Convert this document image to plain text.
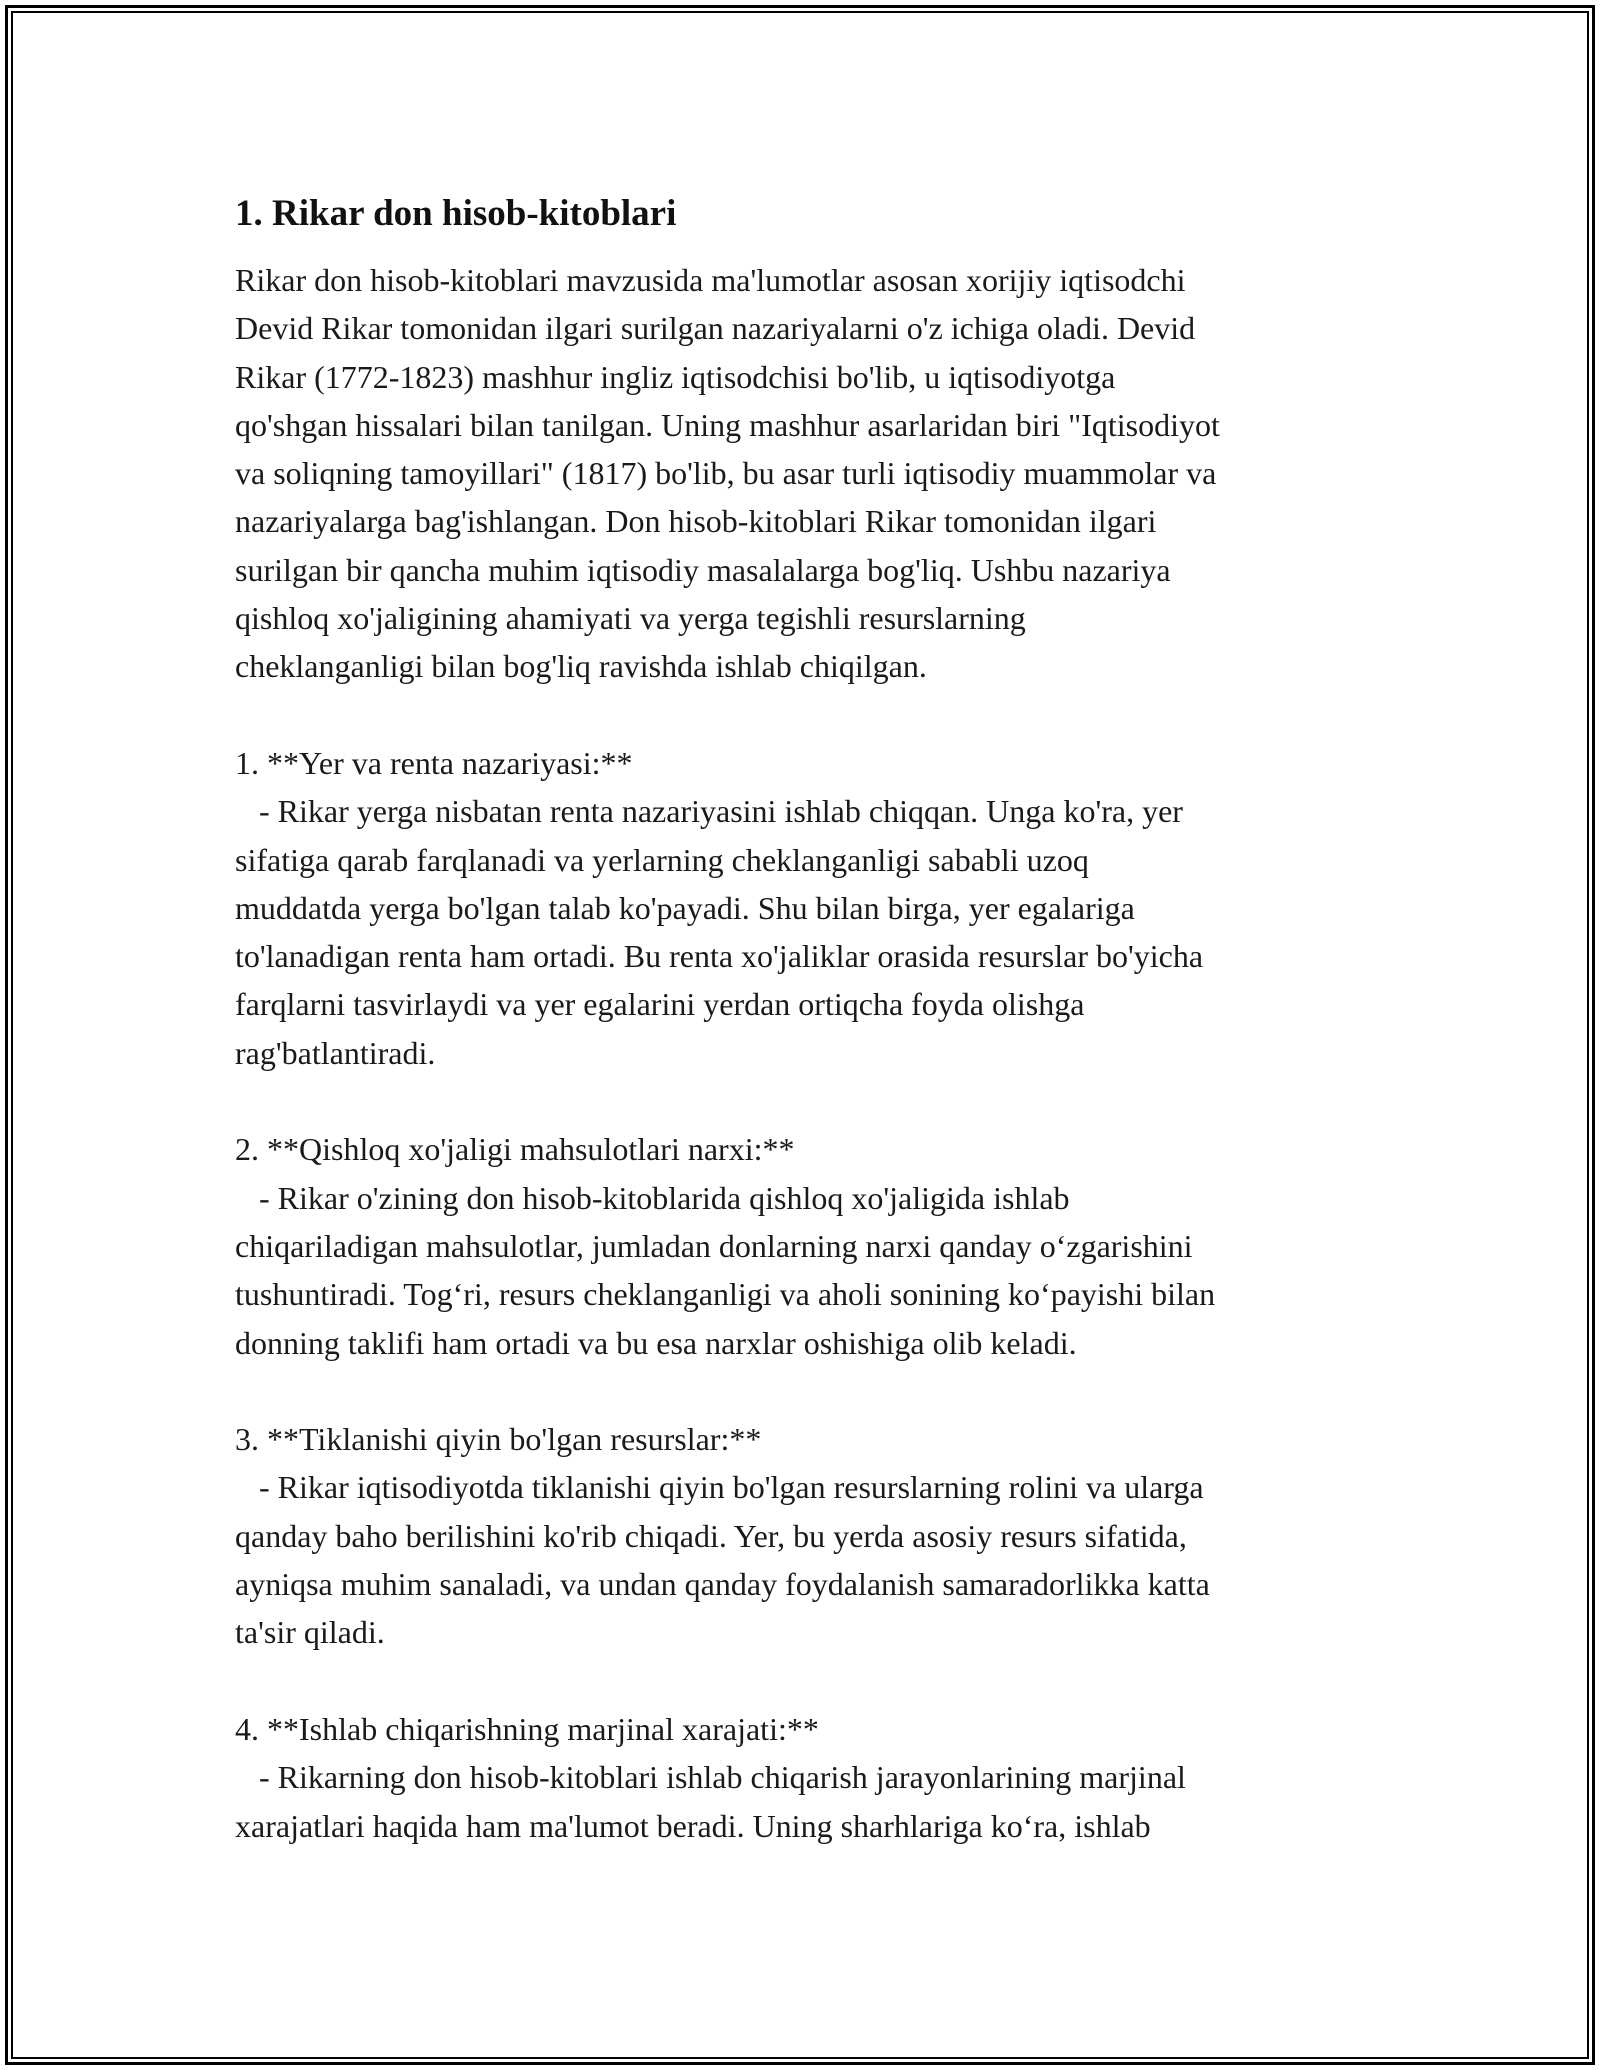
1. Rikar don hisob-kitoblari

Rikar don hisob-kitoblari mavzusida ma'lumotlar asosan xorijiy iqtisodchi
Devid Rikar tomonidan ilgari surilgan nazariyalarni o'z ichiga oladi. Devid
Rikar (1772-1823) mashhur ingliz iqtisodchisi bo'lib, u iqtisodiyotga
qo'shgan hissalari bilan tanilgan. Uning mashhur asarlaridan biri "Iqtisodiyot
va soliqning tamoyillari" (1817) bo'lib, bu asar turli iqtisodiy muammolar va
nazariyalarga bag'ishlangan. Don hisob-kitoblari Rikar tomonidan ilgari
surilgan bir qancha muhim iqtisodiy masalalarga bog'liq. Ushbu nazariya
qishloq xo'jaligining ahamiyati va yerga tegishli resurslarning
cheklanganligi bilan bog'liq ravishda ishlab chiqilgan.

1. **Yer va renta nazariyasi:**

- Rikar yerga nisbatan renta nazariyasini ishlab chiqqan. Unga ko'ra, yer
sifatiga qarab farqlanadi va yerlarning cheklanganligi sababli uzoq
muddatda yerga bo'lgan talab ko'payadi. Shu bilan birga, yer egalariga
to'lanadigan renta ham ortadi. Bu renta xo'jaliklar orasida resurslar bo'yicha
farqlarni tasvirlaydi va yer egalarini yerdan ortiqcha foyda olishga
rag'batlantiradi.

2. **Qishloq xo'jaligi mahsulotlari narxi:**

- Rikar o'zining don hisob-kitoblarida qishloq xo'jaligida ishlab
chiqariladigan mahsulotlar, jumladan donlarning narxi qanday o‘zgarishini
tushuntiradi. Tog‘ri, resurs cheklanganligi va aholi sonining ko‘payishi bilan
donning taklifi ham ortadi va bu esa narxlar oshishiga olib keladi.

3. **Tiklanishi qiyin bo'lgan resurslar:**

- Rikar iqtisodiyotda tiklanishi qiyin bo'lgan resurslarning rolini va ularga
qanday baho berilishini ko'rib chiqadi. Yer, bu yerda asosiy resurs sifatida,
ayniqsa muhim sanaladi, va undan qanday foydalanish samaradorlikka katta
ta'sir qiladi.

4. **Ishlab chiqarishning marjinal xarajati:**

- Rikarning don hisob-kitoblari ishlab chiqarish jarayonlarining marjinal
xarajatlari haqida ham ma'lumot beradi. Uning sharhlariga ko‘ra, ishlab
